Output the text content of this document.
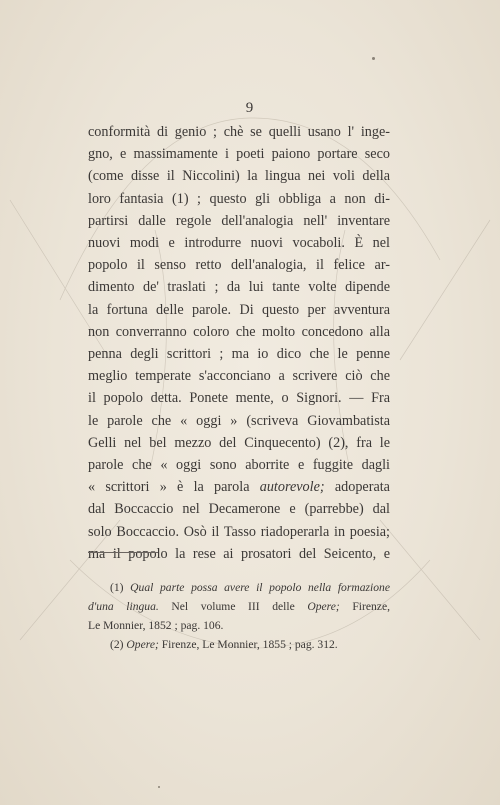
9
conformità di genio ; chè se quelli usano l' inge-
gno, e massimamente i poeti paiono portare seco
(come disse il Niccolini) la lingua nei voli della
loro fantasia (1) ; questo gli obbliga a non di-
partirsi dalle regole dell'analogia nell' inventare
nuovi modi e introdurre nuovi vocaboli. È nel
popolo il senso retto dell'analogia, il felice ar-
dimento de' traslati ; da lui tante volte dipende
la fortuna delle parole. Di questo per avventura
non converranno coloro che molto concedono alla
penna degli scrittori ; ma io dico che le penne
meglio temperate s'acconciano a scrivere ciò che
il popolo detta. Ponete mente, o Signori. — Fra
le parole che « oggi » (scriveva Giovambatista
Gelli nel bel mezzo del Cinquecento) (2), fra le
parole che « oggi sono aborrite e fuggite dagli
« scrittori » è la parola autorevole; adoperata
dal Boccaccio nel Decamerone e (parrebbe) dal
solo Boccaccio. Osò il Tasso riadoperarla in poesia;
ma il popolo la rese ai prosatori del Seicento, e
(1) Qual parte possa avere il popolo nella formazione
d'una lingua. Nel volume III delle Opere; Firenze,
Le Monnier, 1852 ; pag. 106.
(2) Opere; Firenze, Le Monnier, 1855 ; pag. 312.
